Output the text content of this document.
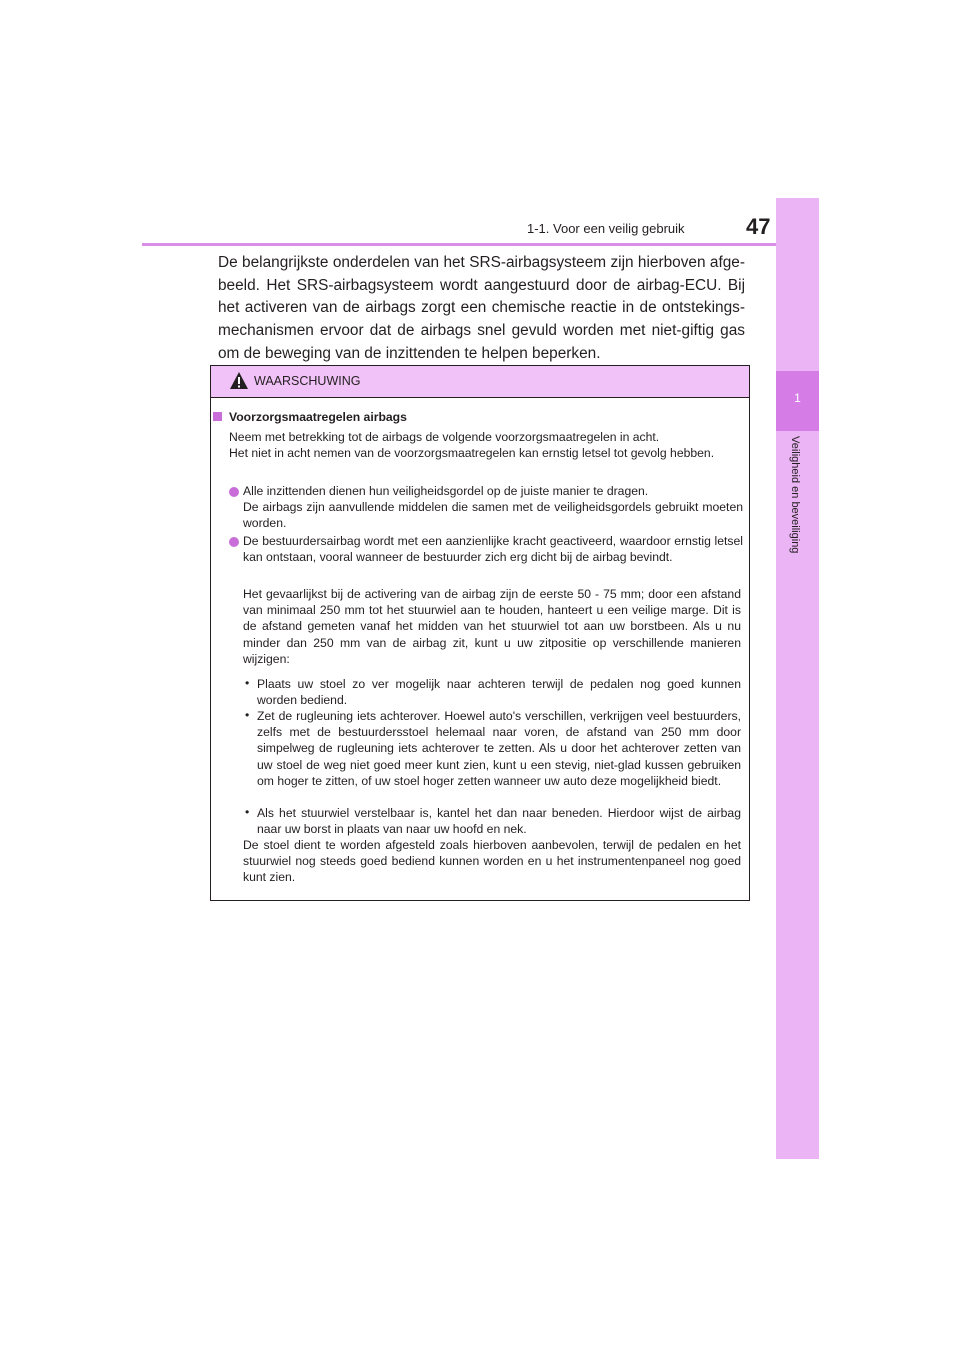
1-1. Voor een veilig gebruik	47
1
Veiligheid en beveiliging
De belangrijkste onderdelen van het SRS-airbagsysteem zijn hierboven afge- beeld. Het SRS-airbagsysteem wordt aangestuurd door de airbag-ECU. Bij het activeren van de airbags zorgt een chemische reactie in de ontstekings- mechanismen ervoor dat de airbags snel gevuld worden met niet-giftig gas om de beweging van de inzittenden te helpen beperken.
WAARSCHUWING
Voorzorgsmaatregelen airbags
Neem met betrekking tot de airbags de volgende voorzorgsmaatregelen in acht.
Het niet in acht nemen van de voorzorgsmaatregelen kan ernstig letsel tot gevolg hebben.
Alle inzittenden dienen hun veiligheidsgordel op de juiste manier te dragen.
De airbags zijn aanvullende middelen die samen met de veiligheidsgordels gebruikt moeten worden.
De bestuurdersairbag wordt met een aanzienlijke kracht geactiveerd, waardoor ernstig letsel kan ontstaan, vooral wanneer de bestuurder zich erg dicht bij de airbag bevindt.
Het gevaarlijkst bij de activering van de airbag zijn de eerste 50 - 75 mm; door een afstand van minimaal 250 mm tot het stuurwiel aan te houden, hanteert u een veilige marge. Dit is de afstand gemeten vanaf het midden van het stuurwiel tot aan uw borstbeen. Als u nu minder dan 250 mm van de airbag zit, kunt u uw zitpositie op verschillende manieren wijzigen:
• Plaats uw stoel zo ver mogelijk naar achteren terwijl de pedalen nog goed kunnen worden bediend.
• Zet de rugleuning iets achterover. Hoewel auto's verschillen, verkrijgen veel bestuurders, zelfs met de bestuurdersstoel helemaal naar voren, de afstand van 250 mm door simpelweg de rugleuning iets achterover te zetten. Als u door het achterover zetten van uw stoel de weg niet goed meer kunt zien, kunt u een stevig, niet-glad kussen gebruiken om hoger te zitten, of uw stoel hoger zetten wanneer uw auto deze mogelijkheid biedt.
• Als het stuurwiel verstelbaar is, kantel het dan naar beneden. Hierdoor wijst de airbag naar uw borst in plaats van naar uw hoofd en nek.
De stoel dient te worden afgesteld zoals hierboven aanbevolen, terwijl de pedalen en het stuurwiel nog steeds goed bediend kunnen worden en u het instrumentenpaneel nog goed kunt zien.
